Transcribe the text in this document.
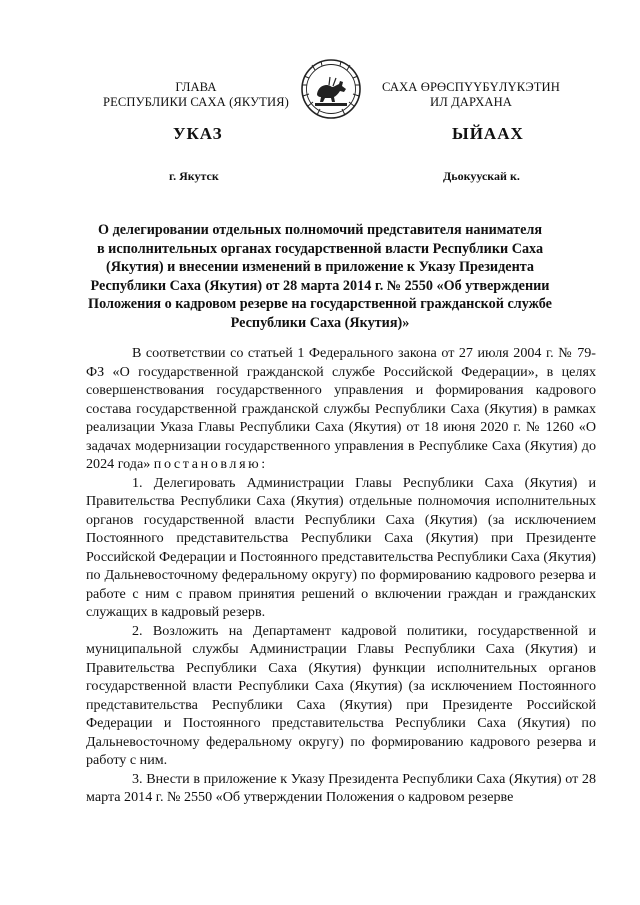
ГЛАВА
РЕСПУБЛИКИ САХА (ЯКУТИЯ)
САХА ӨРӨСПҮҮБҮЛҮКЭТИН
ИЛ ДАРХАНА
УКАЗ	ЫЙААХ
г. Якутск	Дьокуускай к.
О делегировании отдельных полномочий представителя нанимателя
в исполнительных органах государственной власти Республики Саха
(Якутия) и внесении изменений в приложение к Указу Президента
Республики Саха (Якутия) от 28 марта 2014 г. № 2550 «Об утверждении
Положения о кадровом резерве на государственной гражданской службе
Республики Саха (Якутия)»

В соответствии со статьей 1 Федерального закона от 27 июля 2004 г. № 79-ФЗ «О государственной гражданской службе Российской Федерации», в целях совершенствования государственного управления и формирования кадрового состава государственной гражданской службы Республики Саха (Якутия) в рамках реализации Указа Главы Республики Саха (Якутия) от 18 июня 2020 г. № 1260 «О задачах модернизации государственного управления в Республике Саха (Якутия) до 2024 года» постановляю:

1. Делегировать Администрации Главы Республики Саха (Якутия) и Правительства Республики Саха (Якутия) отдельные полномочия исполнительных органов государственной власти Республики Саха (Якутия) (за исключением Постоянного представительства Республики Саха (Якутия) при Президенте Российской Федерации и Постоянного представительства Республики Саха (Якутия) по Дальневосточному федеральному округу) по формированию кадрового резерва и работе с ним с правом принятия решений о включении граждан и гражданских служащих в кадровый резерв.

2. Возложить на Департамент кадровой политики, государственной и муниципальной службы Администрации Главы Республики Саха (Якутия) и Правительства Республики Саха (Якутия) функции исполнительных органов государственной власти Республики Саха (Якутия) (за исключением Постоянного представительства Республики Саха (Якутия) при Президенте Российской Федерации и Постоянного представительства Республики Саха (Якутия) по Дальневосточному федеральному округу) по формированию кадрового резерва и работу с ним.

3. Внести в приложение к Указу Президента Республики Саха (Якутия) от 28 марта 2014 г. № 2550 «Об утверждении Положения о кадровом резерве
